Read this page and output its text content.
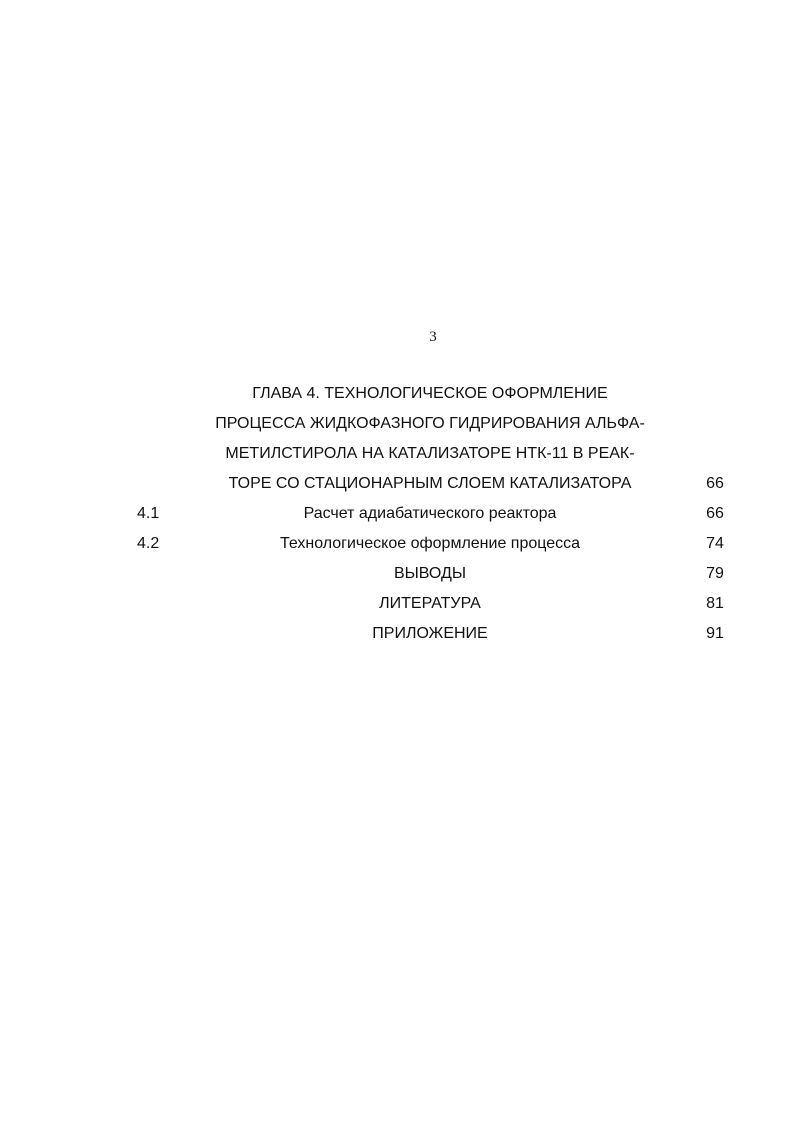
3
ГЛАВА 4. ТЕХНОЛОГИЧЕСКОЕ ОФОРМЛЕНИЕ
ПРОЦЕССА ЖИДКОФАЗНОГО ГИДРИРОВАНИЯ АЛЬФА-
МЕТИЛСТИРОЛА НА КАТАЛИЗАТОРЕ НТК-11 В РЕАК-
ТОРЕ СО СТАЦИОНАРНЫМ СЛОЕМ КАТАЛИЗАТОРА	66
4.1	Расчет адиабатического реактора	66
4.2	Технологическое оформление процесса	74
ВЫВОДЫ	79
ЛИТЕРАТУРА	81
ПРИЛОЖЕНИЕ	91
